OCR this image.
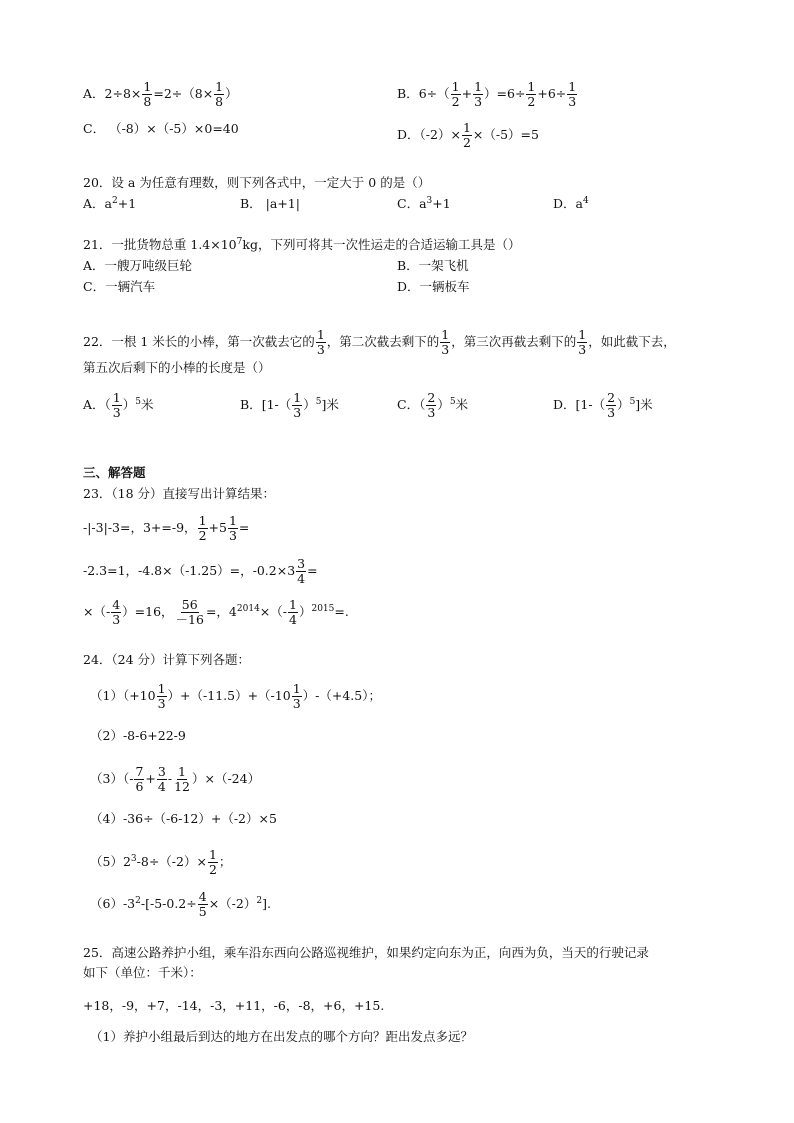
A．$2\div 8\times \frac{1}{8} =2\div(8\times \frac{1}{8}$ ）	B．$6\div( \frac{1}{2} + \frac{1}{3} )=6\div \frac{1}{2} +6\div \frac{1}{3}$
C． （-8）×（-5）×0=40	D．$(-2)\times \frac{1}{2} \times(-5)=5$
20．设 a 为任意有理数，则下列各式中，一定大于 0 的是（）
A．$a^2+1$	B． |a+1|	C．$a^3+1$	D．$a^4$
21．一批货物总重 $1.4\times 10^7kg$，下列可将其一次性运走的合适运输工具是（）
A．一艘万吨级巨轮	B．一架飞机
C．一辆汽车	D．一辆板车
22．一根 1 米长的小棒，第一次截去它的 $\frac{1}{3}$ ，第二次截去剩下的 $\frac{1}{3}$ ，第三次再截去剩下的 $\frac{1}{3}$ ，如此截下去，
第五次后剩下的小棒的长度是（）
A．（ $\frac{1}{3} )^5$米	B．$[1-( \frac{1}{3} )^5]$米	C．（ $\frac{2}{3} )^5$米	D．$[1-( \frac{2}{3} )^5]$米
三、解答题
23．（18 分）直接写出计算结果：
-|-3|-3=，3+=-9， $\frac{1}{2} +5 \frac{1}{3}$ =
-2.3=1，-4.8×（-1.25）=，$-0.2\times 3 \frac{3}{4}$ =
×（- $\frac{4}{3} )=16$， $\frac{56}{-16}$ =，$4^{2014}\times(- \frac{1}{4} )^{2015}=$.
24．（24 分）计算下列各题：
$(1)(+10 \frac{1}{3} )+(-11.5)+(-10 \frac{1}{3} )-(+4.5)$；
（2）-8-6+22-9
$(3)(- \frac{7}{6} + \frac{3}{4} - \frac{1}{12} )\times(-24)$
（4）-36÷（-6-12）+（-2）×5
$(5)2^3-8\div(-2)\times \frac{1}{2}$ ；
$(6)-3^2-[-5-0.2\div \frac{4}{5} \times(-2)^2]$.
25．高速公路养护小组，乘车沿东西向公路巡视维护，如果约定向东为正，向西为负，当天的行驶记录
如下（单位：千米）：
+18，-9，+7，-14，-3，+11，-6，-8，+6，+15.
（1）养护小组最后到达的地方在出发点的哪个方向？距出发点多远？
